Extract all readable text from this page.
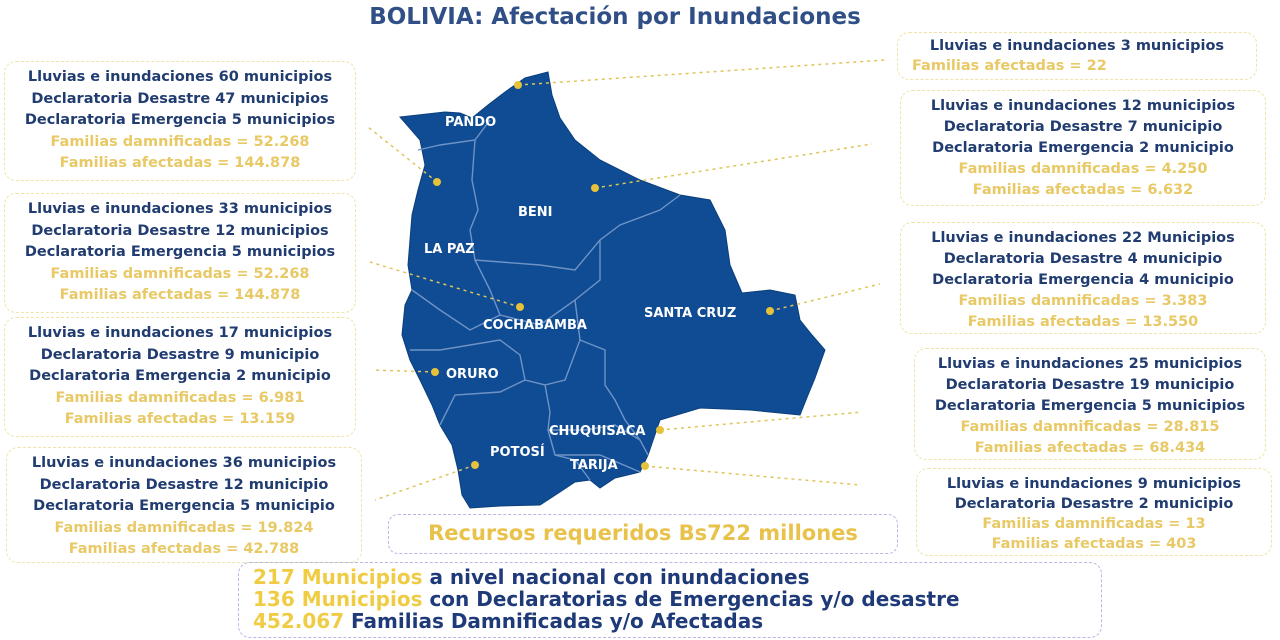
BOLIVIA: Afectación por Inundaciones
PANDO
BENI
LA PAZ
COCHABAMBA
SANTA CRUZ
ORURO
CHUQUISACA
POTOSÍ
TARIJA
Lluvias e inundaciones 60 municipios
Declaratoria Desastre 47 municipios
Declaratoria Emergencia 5 municipios
Familias damnificadas = 52.268
Familias afectadas = 144.878
Lluvias e inundaciones 33 municipios
Declaratoria Desastre 12 municipios
Declaratoria Emergencia 5 municipios
Familias damnificadas = 52.268
Familias afectadas = 144.878
Lluvias e inundaciones 17 municipios
Declaratoria Desastre 9 municipio
Declaratoria Emergencia 2 municipio
Familias damnificadas = 6.981
Familias afectadas = 13.159
Lluvias e inundaciones 36 municipios
Declaratoria Desastre 12 municipio
Declaratoria Emergencia 5 municipio
Familias damnificadas = 19.824
Familias afectadas = 42.788
Lluvias e inundaciones 3 municipios
Familias afectadas = 22
Lluvias e inundaciones 12 municipios
Declaratoria Desastre 7 municipio
Declaratoria Emergencia 2 municipio
Familias damnificadas = 4.250
Familias afectadas = 6.632
Lluvias e inundaciones 22 Municipios
Declaratoria Desastre 4 municipio
Declaratoria Emergencia 4 municipio
Familias damnificadas = 3.383
Familias afectadas = 13.550
Lluvias e inundaciones 25 municipios
Declaratoria Desastre 19 municipio
Declaratoria Emergencia 5 municipios
Familias damnificadas = 28.815
Familias afectadas = 68.434
Lluvias e inundaciones 9 municipios
Declaratoria Desastre 2 municipio
Familias damnificadas = 13
Familias afectadas = 403
Recursos requeridos Bs722 millones
217 Municipios a nivel nacional con inundaciones
136 Municipios con Declaratorias de Emergencias y/o desastre
452.067 Familias Damnificadas y/o Afectadas
